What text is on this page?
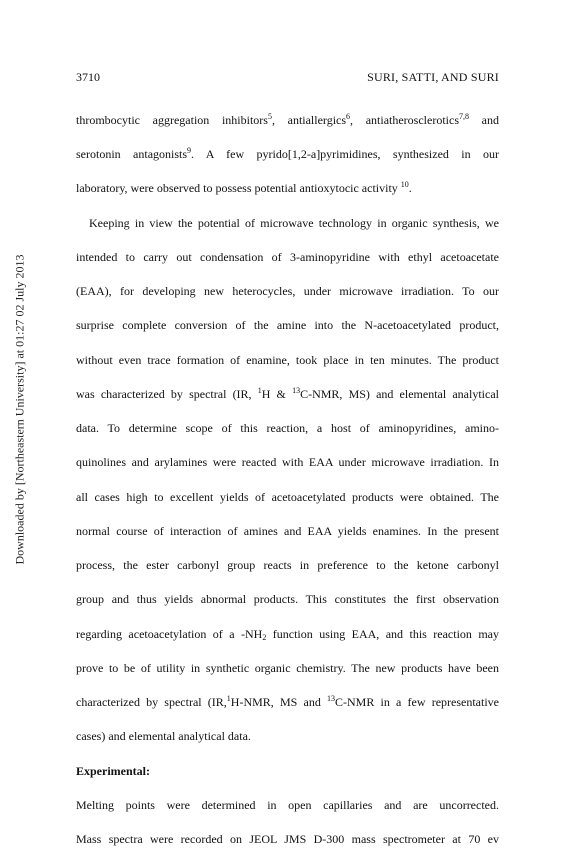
3710	SURI, SATTI, AND SURI
Downloaded by [Northeastern University] at 01:27 02 July 2013
thrombocytic aggregation inhibitors$^5$, antiallergics$^6$, antiatherosclerotics$^{7,8}$ and
serotonin antagonists$^9$. A few pyrido[1,2-a]pyrimidines, synthesized in our
laboratory, were observed to possess potential antioxytocic activity $^{10}$.
Keeping in view the potential of microwave technology in organic synthesis, we
intended to carry out condensation of 3-aminopyridine with ethyl acetoacetate
(EAA), for developing new heterocycles, under microwave irradiation. To our
surprise complete conversion of the amine into the N-acetoacetylated product,
without even trace formation of enamine, took place in ten minutes. The product
was characterized by spectral (IR, $^1$H & $^{13}$C-NMR, MS) and elemental analytical
data. To determine scope of this reaction, a host of aminopyridines, amino-
quinolines and arylamines were reacted with EAA under microwave irradiation. In
all cases high to excellent yields of acetoacetylated products were obtained. The
normal course of interaction of amines and EAA yields enamines. In the present
process, the ester carbonyl group reacts in preference to the ketone carbonyl
group and thus yields abnormal products. This constitutes the first observation
regarding acetoacetylation of a $-NH_2$ function using EAA, and this reaction may
prove to be of utility in synthetic organic chemistry. The new products have been
characterized by spectral (IR,$^1$H-NMR, MS and $^{13}$C-NMR in a few representative
cases) and elemental analytical data.
Experimental:
Melting points were determined in open capillaries and are uncorrected.
Mass spectra were recorded on JEOL JMS D-300 mass spectrometer at 70 ev
